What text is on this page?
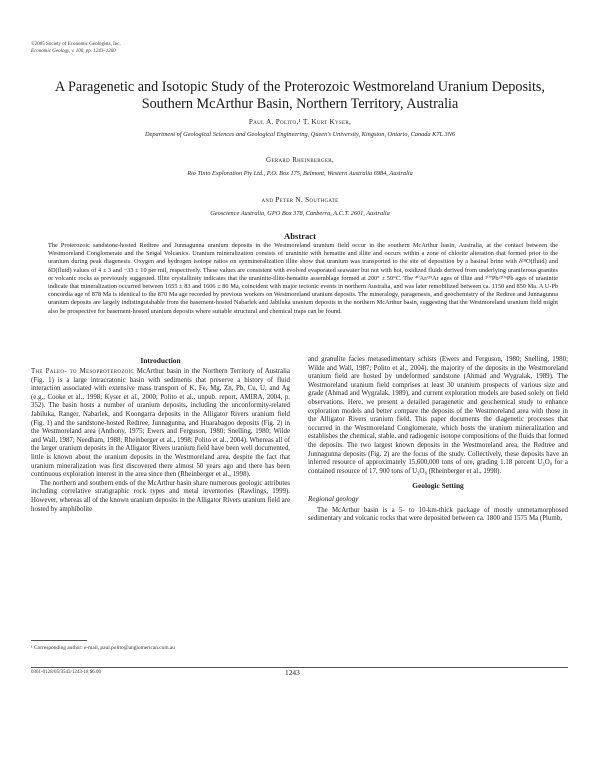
©2005 Society of Economic Geologists, Inc.
Economic Geology, v. 100, pp. 1243–1260
A Paragenetic and Isotopic Study of the Proterozoic Westmoreland Uranium Deposits,
Southern McArthur Basin, Northern Territory, Australia
Paul A. Polito,¹ T. Kurt Kyser,
Department of Geological Sciences and Geological Engineering, Queen's University, Kingston, Ontario, Canada K7L 3N6
Gerard Rheinberger,
Rio Tinto Exploration Pty Ltd., P.O. Box 175, Belmont, Western Australia 6984, Australia
and Peter N. Southgate
Geoscience Australia, GPO Box 378, Canberra, A.C.T. 2601, Australia
Abstract
The Proterozoic sandstone-hosted Redtree and Junnagunna uranium deposits in the Westmoreland uranium field occur in the southern McArthur basin, Australia, at the contact between the Westmoreland Conglomerate and the Seigal Volcanics. Uranium mineralization consists of uraninite with hematite and illite and occurs within a zone of chlorite alteration that formed prior to the uranium during peak diagenesis. Oxygen and hydrogen isotope ratios on synmineralization illite show that uranium was transported to the site of deposition by a basinal brine with δ¹⁸O(fluid) and δD(fluid) values of 4 ± 3 and −33 ± 10 per mil, respectively. These values are consistent with evolved evaporated seawater but not with hot, oxidized fluids derived from underlying uraniferous granites or volcanic rocks as previously suggested. Illite crystallinity indicates that the uraninite-illite-hematite assemblage formed at 200° ± 50°C. The ⁴⁰Ar/³⁹Ar ages of illite and ²⁰⁷Pb/²⁰⁶Pb ages of uraninite indicate that mineralization occurred between 1655 ± 83 and 1606 ± 80 Ma, coincident with major tectonic events in northern Australia, and was later remobilized between ca. 1150 and 850 Ma. A U-Pb concordia age of 878 Ma is identical to the 870 Ma age recorded by previous workers on Westmoreland uranium deposits. The mineralogy, paragenesis, and geochemistry of the Redtree and Junnagunna uranium deposits are largely indistinguishable from the basement-hosted Nabarlek and Jabiluka uranium deposits in the northern McArthur basin, suggesting that the Westmoreland uranium field might also be prospective for basement-hosted uranium deposits where suitable structural and chemical traps can be found.
Introduction

The Paleo- to Mesoproterozoic McArthur basin in the Northern Territory of Australia (Fig. 1) is a large intracratonic basin with sediments that preserve a history of fluid interaction associated with extensive mass transport of K, Fe, Mg, Zn, Pb, Cu, U, and Ag (e.g., Cooke et al., 1998; Kyser et al., 2000; Polito et al., unpub. report, AMIRA, 2004, p. 352). The basin hosts a number of uranium deposits, including the unconformity-related Jabiluka, Ranger, Nabarlek, and Koongarra deposits in the Alligator Rivers uranium field (Fig. 1) and the sandstone-hosted Redtree, Junnagunna, and Huarabagoo deposits (Fig. 2) in the Westmoreland area (Anthony, 1975; Ewers and Ferguson, 1980; Snelling, 1980; Wilde and Wall, 1987; Needham, 1988; Rheinberger et al., 1998; Polito et al., 2004). Whereas all of the larger uranium deposits in the Alligator Rivers uranium field have been well documented, little is known about the uranium deposits in the Westmoreland area, despite the fact that uranium mineralization was first discovered there almost 50 years ago and there has been continuous exploration interest in the area since then (Rheinberger et al., 1998).

The northern and southern ends of the McArthur basin share numerous geologic attributes including correlative stratigraphic rock types and metal inventories (Rawlings, 1999). However, whereas all of the known uranium deposits in the Alligator Rivers uranium field are hosted by amphibolite

¹ Corresponding author: e-mail, paul.polito@anglomerican.com.au

and granulite facies metasedimentary schists (Ewers and Ferguson, 1980; Snelling, 1980; Wilde and Wall, 1987; Polito et al., 2004), the majority of the deposits in the Westmoreland uranium field are hosted by undeformed sandstone (Ahmad and Wygralak, 1989). The Westmoreland uranium field comprises at least 30 uranium prospects of various size and grade (Ahmad and Wygralak, 1989), and current exploration models are based solely on field observations. Here, we present a detailed paragenetic and geochemical study to enhance exploration models and better compare the deposits of the Westmoreland area with those in the Alligator Rivers uranium field. This paper documents the diagenetic processes that occurred in the Westmoreland Conglomerate, which hosts the uranium mineralization and establishes the chemical, stable, and radiogenic isotope compositions of the fluids that formed the deposits. The two largest known deposits in the Westmoreland area, the Redtree and Junnagunna deposits (Fig. 2) are the focus of the study. Collectively, these deposits have an inferred resource of approximately 15,600,000 tons of ore, grading 1.18 percent U₃O₈ for a contained resource of 17, 900 tons of U₃O₈ (Rheinberger et al., 1998).

Geologic Setting
Regional geology

The McArthur basin is a 5- to 10-km-thick package of mostly unmetamorphosed sedimentary and volcanic rocks that were deposited between ca. 1800 and 1575 Ma (Plumb,

0361-0128/05/3543/1243-18 $6.00	1243
